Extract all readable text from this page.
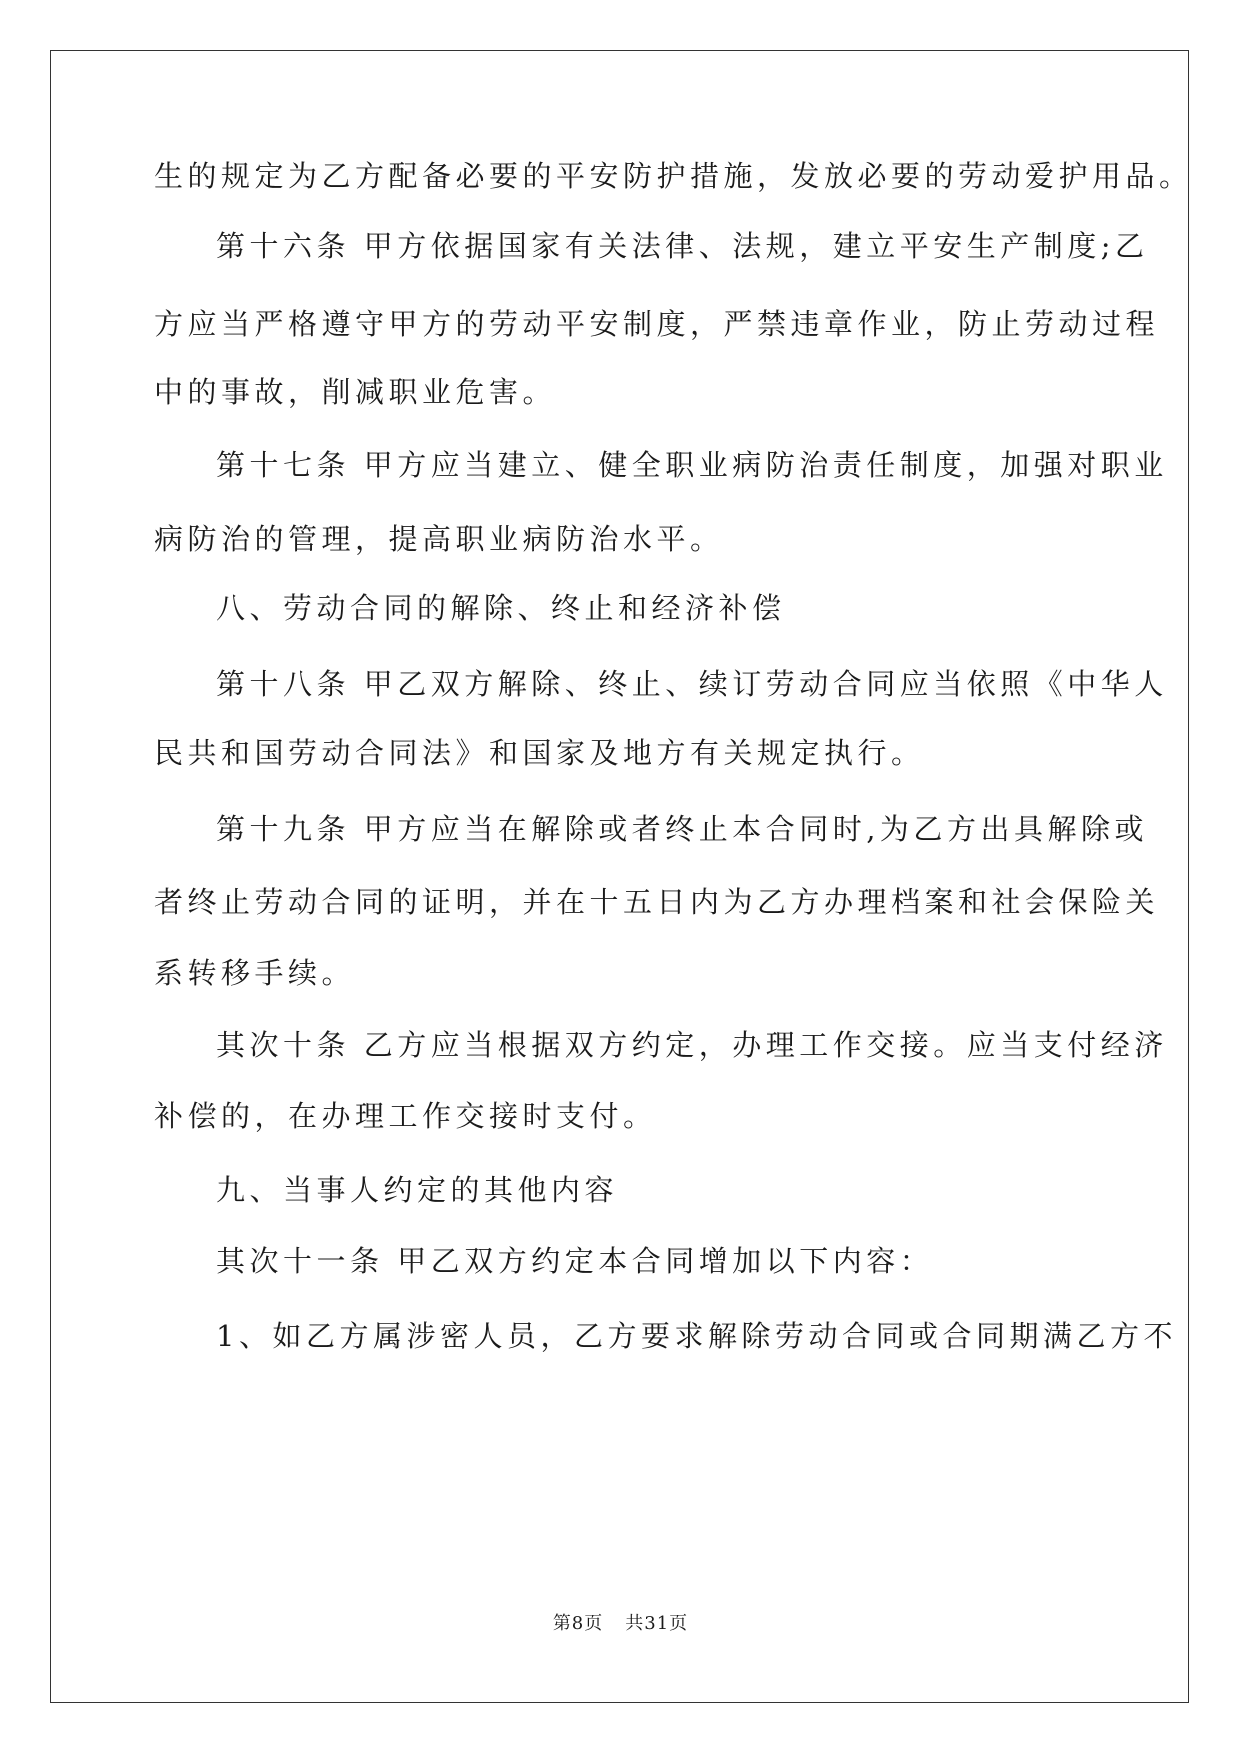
生的规定为乙方配备必要的平安防护措施，发放必要的劳动爱护用品。
第十六条 甲方依据国家有关法律、法规，建立平安生产制度;乙
方应当严格遵守甲方的劳动平安制度，严禁违章作业，防止劳动过程
中的事故，削减职业危害。
第十七条 甲方应当建立、健全职业病防治责任制度，加强对职业
病防治的管理，提高职业病防治水平。
八、劳动合同的解除、终止和经济补偿
第十八条 甲乙双方解除、终止、续订劳动合同应当依照《中华人
民共和国劳动合同法》和国家及地方有关规定执行。
第十九条 甲方应当在解除或者终止本合同时,为乙方出具解除或
者终止劳动合同的证明，并在十五日内为乙方办理档案和社会保险关
系转移手续。
其次十条 乙方应当根据双方约定，办理工作交接。应当支付经济
补偿的，在办理工作交接时支付。
九、当事人约定的其他内容
其次十一条 甲乙双方约定本合同增加以下内容：
1、如乙方属涉密人员，乙方要求解除劳动合同或合同期满乙方不
第8页 共31页
